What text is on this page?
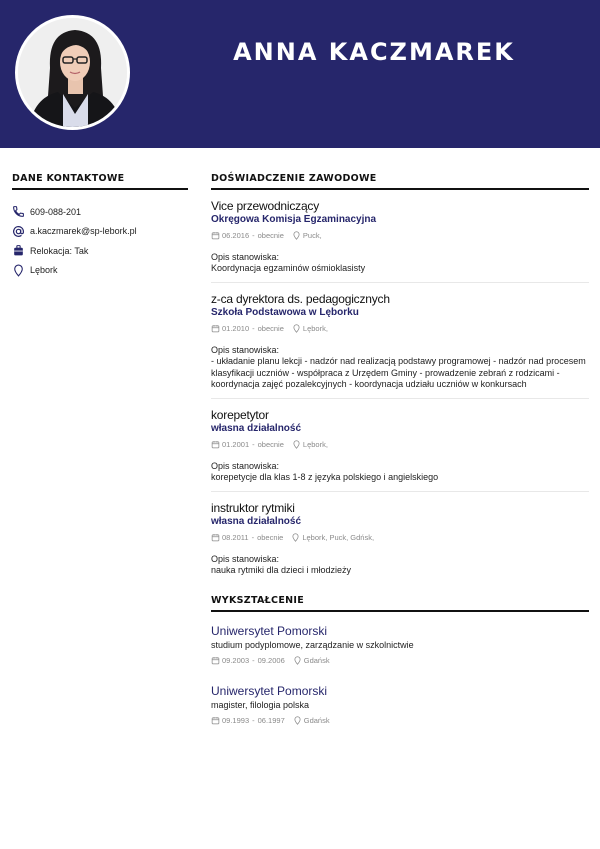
ANNA KACZMAREK
DANE KONTAKTOWE
609-088-201
a.kaczmarek@sp-lebork.pl
Relokacja: Tak
Lębork
DOŚWIADCZENIE ZAWODOWE
Vice przewodniczący
Okręgowa Komisja Egzaminacyjna
06.2016 - obecnie	Puck,
Opis stanowiska:
Koordynacja egzaminów ośmioklasisty
z-ca dyrektora ds. pedagogicznych
Szkoła Podstawowa w Lęborku
01.2010 - obecnie	Lębork,
Opis stanowiska:
- układanie planu lekcji - nadzór nad realizacją podstawy programowej - nadzór nad procesem klasyfikacji uczniów - współpraca z Urzędem Gminy - prowadzenie zebrań z rodzicami - koordynacja zajęć pozalekcyjnych - koordynacja udziału uczniów w konkursach
korepetytor
własna działalność
01.2001 - obecnie	Lębork,
Opis stanowiska:
korepetycje dla klas 1-8 z języka polskiego i angielskiego
instruktor rytmiki
własna działalność
08.2011 - obecnie	Lębork, Puck, Gdńsk,
Opis stanowiska:
nauka rytmiki dla dzieci i młodzieży
WYKSZTAŁCENIE
Uniwersytet Pomorski
studium podyplomowe, zarządzanie w szkolnictwie
09.2003 - 09.2006	Gdańsk
Uniwersytet Pomorski
magister, filologia polska
09.1993 - 06.1997	Gdańsk
